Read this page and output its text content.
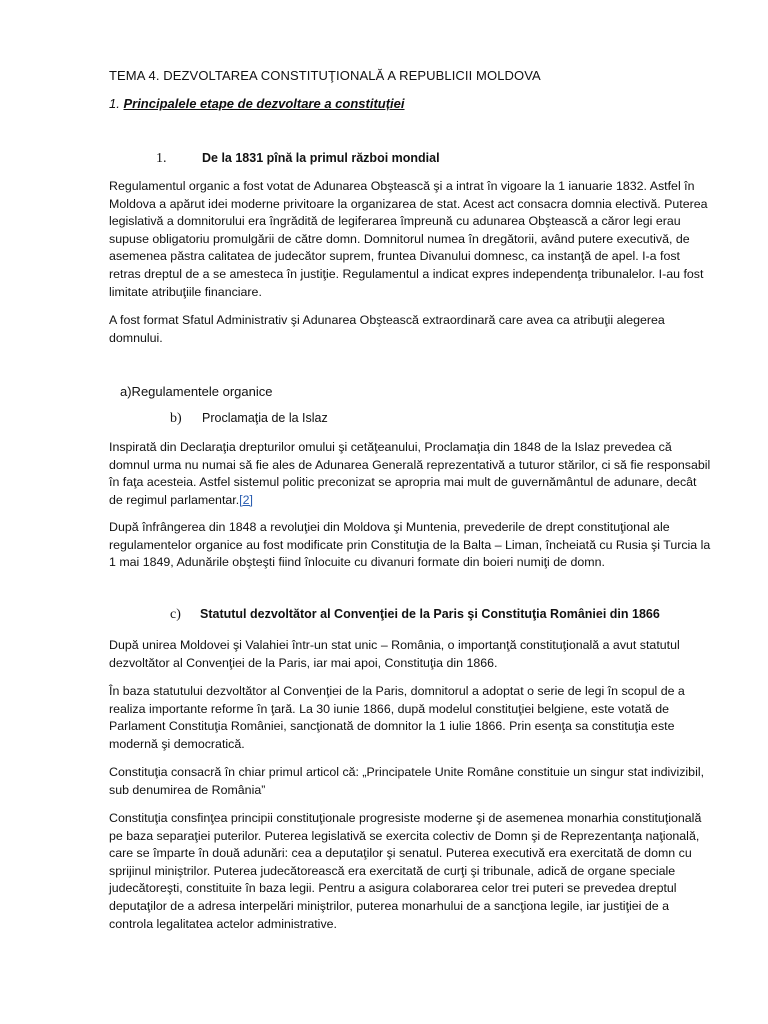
TEMA 4. DEZVOLTAREA CONSTITUŢIONALĂ A REPUBLICII MOLDOVA
1. Principalele etape de dezvoltare a constituției
1.	De la 1831 pînă la primul război mondial

Regulamentul organic a fost votat de Adunarea Obştească şi a intrat în vigoare la 1 ianuarie 1832. Astfel în Moldova a apărut idei moderne privitoare la organizarea de stat. Acest act consacra domnia electivă. Puterea legislativă a domnitorului era îngrădită de legiferarea împreună cu adunarea Obştească a căror legi erau supuse obligatoriu promulgării de către domn. Domnitorul numea în dregătorii, având putere executivă, de asemenea păstra calitatea de judecător suprem, fruntea Divanului domnesc, ca instanţă de apel. I-a fost retras dreptul de a se amesteca în justiţie. Regulamentul a indicat expres independenţa tribunalelor. I-au fost limitate atribuţiile financiare.

A fost format Sfatul Administrativ şi Adunarea Obştească extraordinară care avea ca atribuţii alegerea domnului.

a)Regulamentele organice
b) Proclamaţia de la Islaz

Inspirată din Declaraţia drepturilor omului şi cetăţeanului, Proclamaţia din 1848 de la Islaz prevedea că domnul urma nu numai să fie ales de Adunarea Generală reprezentativă a tuturor stărilor, ci să fie responsabil în faţa acesteia. Astfel sistemul politic preconizat se apropria mai mult de guvernământul de adunare, decât de regimul parlamentar.[2]

După înfrângerea din 1848 a revoluţiei din Moldova şi Muntenia, prevederile de drept constituţional ale regulamentelor organice au fost modificate prin Constituţia de la Balta – Liman, încheiată cu Rusia şi Turcia la 1 mai 1849, Adunările obşteşti fiind înlocuite cu divanuri formate din boieri numiţi de domn.

c) Statutul dezvoltător al Convenţiei de la Paris şi Constituţia României din 1866

După unirea Moldovei şi Valahiei într-un stat unic – România, o importanţă constituţională a avut statutul dezvoltător al Convenţiei de la Paris, iar mai apoi, Constituţia din 1866.

În baza statutului dezvoltător al Convenţiei de la Paris, domnitorul a adoptat o serie de legi în scopul de a realiza importante reforme în ţară. La 30 iunie 1866, după modelul constituţiei belgiene, este votată de Parlament Constituţia României, sancţionată de domnitor la 1 iulie 1866. Prin esenţa sa constituţia este modernă şi democratică.

Constituţia consacră în chiar primul articol că: „Principatele Unite Române constituie un singur stat indivizibil, sub denumirea de România”

Constituţia consfinţea principii constituţionale progresiste moderne şi de asemenea monarhia constituţională pe baza separaţiei puterilor. Puterea legislativă se exercita colectiv de Domn şi de Reprezentanţa naţională, care se împarte în două adunări: cea a deputaţilor şi senatul. Puterea executivă era exercitată de domn cu sprijinul miniştrilor. Puterea judecătorească era exercitată de curţi şi tribunale, adică de organe speciale judecătoreşti, constituite în baza legii. Pentru a asigura colaborarea celor trei puteri se prevedea dreptul deputaţilor de a adresa interpelări miniştrilor, puterea monarhului de a sancţiona legile, iar justiţiei de a controla legalitatea actelor administrative.
